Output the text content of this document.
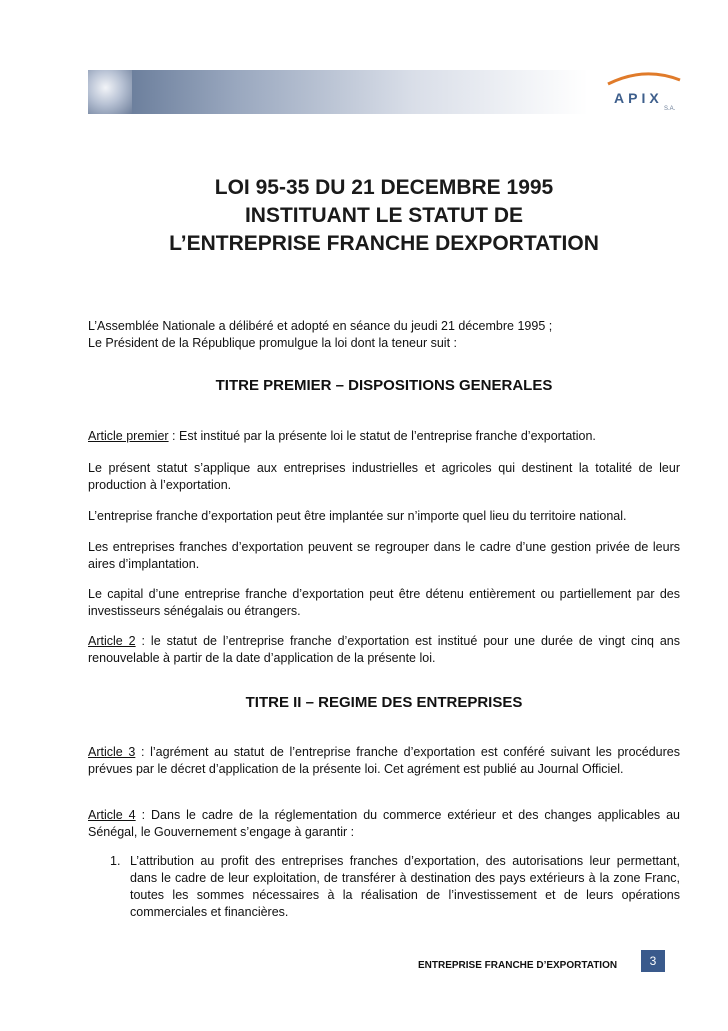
APIX
S.A.
LOI 95-35 DU 21 DECEMBRE 1995
INSTITUANT LE STATUT DE
L’ENTREPRISE FRANCHE DEXPORTATION
L’Assemblée Nationale a délibéré et adopté en séance du jeudi 21 décembre 1995 ;
Le Président de la République promulgue la loi dont la teneur suit :
TITRE PREMIER – DISPOSITIONS GENERALES
Article premier : Est institué par la présente loi le statut de l’entreprise franche d’exportation.
Le présent statut s’applique aux entreprises industrielles et agricoles qui destinent la totalité de leur production à l’exportation.
L’entreprise franche d’exportation peut être implantée sur n’importe quel lieu du territoire national.
Les entreprises franches d’exportation peuvent se regrouper dans le cadre d’une gestion privée de leurs aires d’implantation.
Le capital d’une entreprise franche d’exportation peut être détenu entièrement ou partiellement par des investisseurs sénégalais ou étrangers.
Article 2 : le statut de l’entreprise franche d’exportation est institué pour une durée de vingt cinq ans renouvelable à partir de la date d’application de la présente loi.
TITRE II – REGIME DES ENTREPRISES
Article 3 : l’agrément au statut de l’entreprise franche d’exportation est conféré suivant les procédures prévues par le décret d’application de la présente loi. Cet agrément est publié au Journal Officiel.
Article 4 : Dans le cadre de la réglementation du commerce extérieur et des changes applicables au Sénégal, le Gouvernement s’engage à garantir :
1. L’attribution au profit des entreprises franches d’exportation, des autorisations leur permettant, dans le cadre de leur exploitation, de transférer à destination des pays extérieurs à la zone Franc, toutes les sommes nécessaires à la réalisation de l’investissement et de leurs opérations commerciales et financières.
ENTREPRISE FRANCHE D’EXPORTATION	3
